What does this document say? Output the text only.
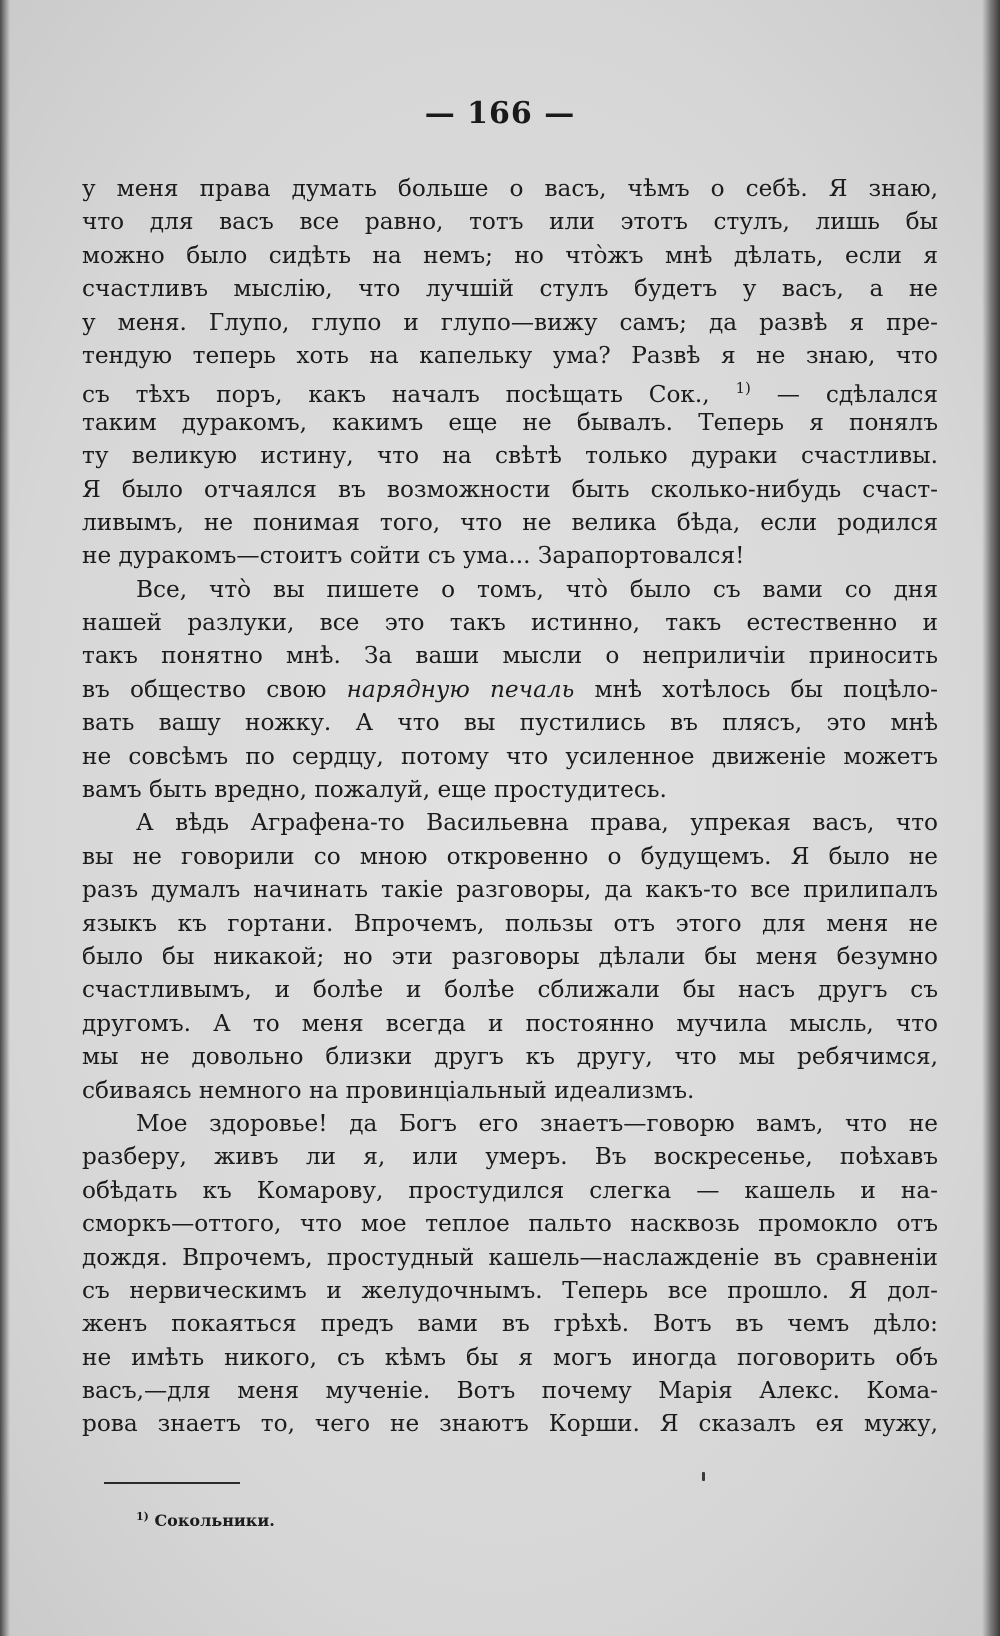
— 166 —
у меня права думать больше о васъ, чѣмъ о себѣ. Я знаю,
что для васъ все равно, тотъ или этотъ стулъ, лишь бы
можно было сидѣть на немъ; но чтòжъ мнѣ дѣлать, если я
счастливъ мыслію, что лучшій стулъ будетъ у васъ, а не
у меня. Глупо, глупо и глупо—вижу самъ; да развѣ я пре-
тендую теперь хоть на капельку ума? Развѣ я не знаю, что
съ тѣхъ поръ, какъ началъ посѣщать Сок., $^{1)}$ — сдѣлался
таким дуракомъ, какимъ еще не бывалъ. Теперь я понялъ
ту великую истину, что на свѣтѣ только дураки счастливы.
Я было отчаялся въ возможности быть сколько-нибудь счаст-
ливымъ, не понимая того, что не велика бѣда, если родился
не дуракомъ—стоитъ сойти съ ума... Зарапортовался!
Все, чтò вы пишете о томъ, чтò было съ вами со дня
нашей разлуки, все это такъ истинно, такъ естественно и
такъ понятно мнѣ. За ваши мысли о неприличіи приносить
въ общество свою нарядную печаль мнѣ хотѣлось бы поцѣло-
вать вашу ножку. А что вы пустились въ плясъ, это мнѣ
не совсѣмъ по сердцу, потому что усиленное движеніе можетъ
вамъ быть вредно, пожалуй, еще простудитесь.
А вѣдь Аграфена-то Васильевна права, упрекая васъ, что
вы не говорили со мною откровенно о будущемъ. Я было не
разъ думалъ начинать такіе разговоры, да какъ-то все прилипалъ
языкъ къ гортани. Впрочемъ, пользы отъ этого для меня не
было бы никакой; но эти разговоры дѣлали бы меня безумно
счастливымъ, и болѣе и болѣе сближали бы насъ другъ съ
другомъ. А то меня всегда и постоянно мучила мысль, что
мы не довольно близки другъ къ другу, что мы ребячимся,
сбиваясь немного на провинціальный идеализмъ.
Мое здоровье! да Богъ его знаетъ—говорю вамъ, что не
разберу, живъ ли я, или умеръ. Въ воскресенье, поѣхавъ
обѣдать къ Комарову, простудился слегка — кашель и на-
сморкъ—оттого, что мое теплое пальто насквозь промокло отъ
дождя. Впрочемъ, простудный кашель—наслажденіе въ сравненіи
съ нервическимъ и желудочнымъ. Теперь все прошло. Я дол-
женъ покаяться предъ вами въ грѣхѣ. Вотъ въ чемъ дѣло:
не имѣть никого, съ кѣмъ бы я могъ иногда поговорить объ
васъ,—для меня мученіе. Вотъ почему Марія Алекс. Кома-
рова знаетъ то, чего не знаютъ Корши. Я сказалъ ея мужу,
$^{1)}$ Сокольники.
